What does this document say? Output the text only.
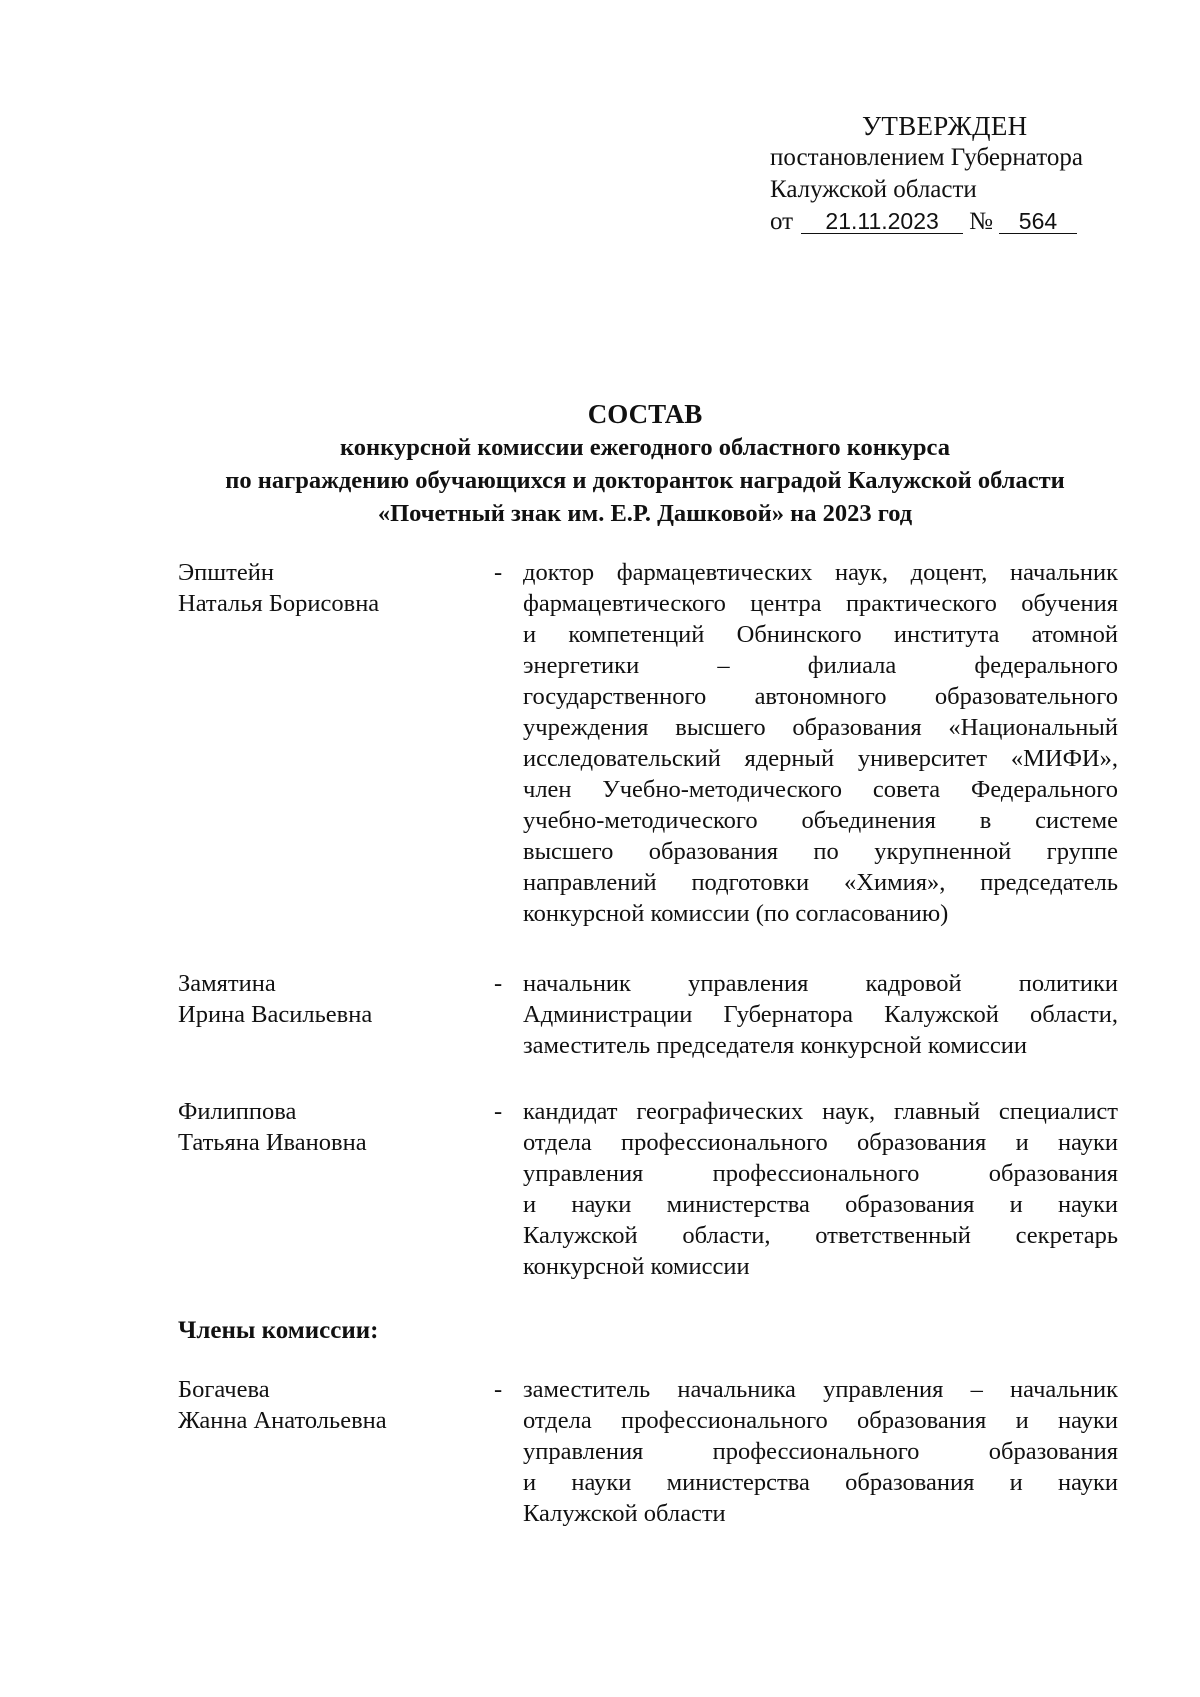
УТВЕРЖДЕН
постановлением Губернатора
Калужской области
от 21.11.2023 № 564
СОСТАВ
конкурсной комиссии ежегодного областного конкурса
по награждению обучающихся и докторанток наградой Калужской области
«Почетный знак им. Е.Р. Дашковой» на 2023 год
Эпштейн
Наталья Борисовна
- доктор фармацевтических наук, доцент, начальник
фармацевтического центра практического обучения
и компетенций Обнинского института атомной
энергетики – филиала федерального
государственного автономного образовательного
учреждения высшего образования «Национальный
исследовательский ядерный университет «МИФИ»,
член Учебно-методического совета Федерального
учебно-методического объединения в системе
высшего образования по укрупненной группе
направлений подготовки «Химия», председатель
конкурсной комиссии (по согласованию)
Замятина
Ирина Васильевна
- начальник управления кадровой политики
Администрации Губернатора Калужской области,
заместитель председателя конкурсной комиссии
Филиппова
Татьяна Ивановна
- кандидат географических наук, главный специалист
отдела профессионального образования и науки
управления профессионального образования
и науки министерства образования и науки
Калужской области, ответственный секретарь
конкурсной комиссии
Члены комиссии:
Богачева
Жанна Анатольевна
- заместитель начальника управления – начальник
отдела профессионального образования и науки
управления профессионального образования
и науки министерства образования и науки
Калужской области
